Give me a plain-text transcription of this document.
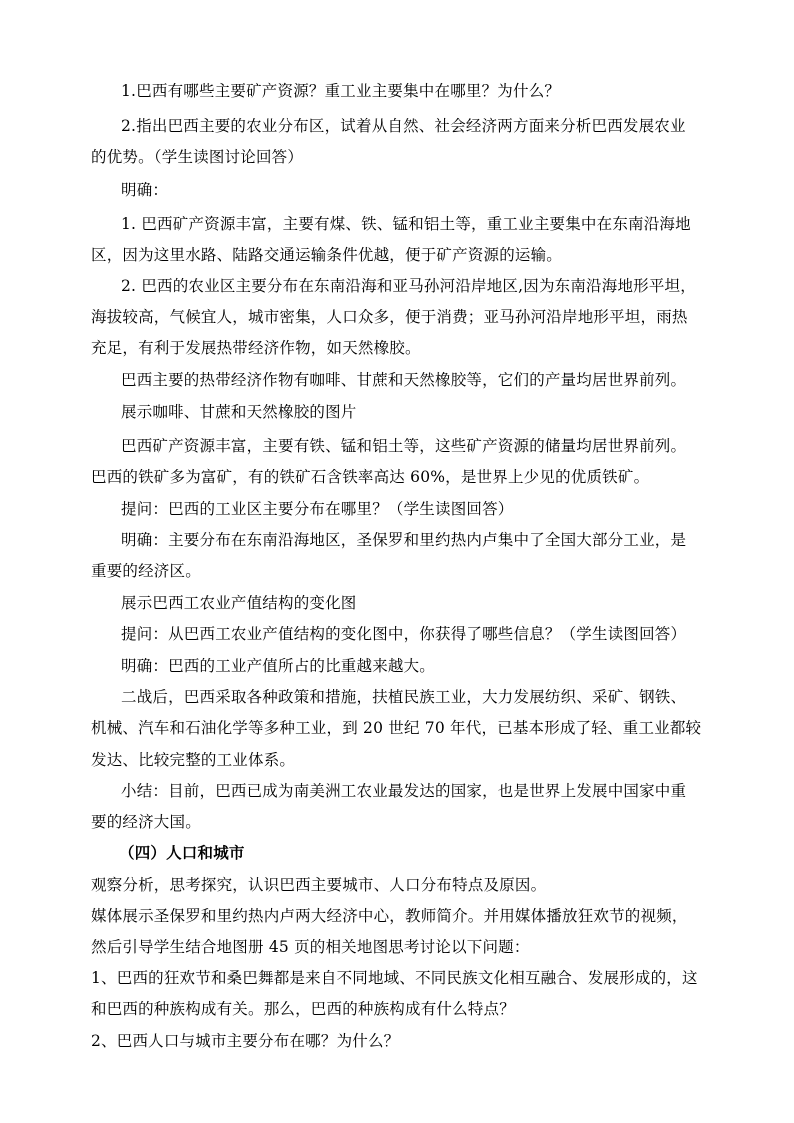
1.巴西有哪些主要矿产资源？重工业主要集中在哪里？为什么？
2.指出巴西主要的农业分布区，试着从自然、社会经济两方面来分析巴西发展农业
的优势。（学生读图讨论回答）
明确：
1. 巴西矿产资源丰富，主要有煤、铁、锰和铝土等，重工业主要集中在东南沿海地
区，因为这里水路、陆路交通运输条件优越，便于矿产资源的运输。
2. 巴西的农业区主要分布在东南沿海和亚马孙河沿岸地区,因为东南沿海地形平坦，
海拔较高，气候宜人，城市密集，人口众多，便于消费；亚马孙河沿岸地形平坦，雨热
充足，有利于发展热带经济作物，如天然橡胶。
巴西主要的热带经济作物有咖啡、甘蔗和天然橡胶等，它们的产量均居世界前列。
展示咖啡、甘蔗和天然橡胶的图片
巴西矿产资源丰富，主要有铁、锰和铝土等，这些矿产资源的储量均居世界前列。
巴西的铁矿多为富矿，有的铁矿石含铁率高达 60%，是世界上少见的优质铁矿。
提问：巴西的工业区主要分布在哪里？（学生读图回答）
明确：主要分布在东南沿海地区，圣保罗和里约热内卢集中了全国大部分工业，是
重要的经济区。
展示巴西工农业产值结构的变化图
提问：从巴西工农业产值结构的变化图中，你获得了哪些信息？（学生读图回答）
明确：巴西的工业产值所占的比重越来越大。
二战后，巴西采取各种政策和措施，扶植民族工业，大力发展纺织、采矿、钢铁、
机械、汽车和石油化学等多种工业，到 20 世纪 70 年代，已基本形成了轻、重工业都较
发达、比较完整的工业体系。
小结：目前，巴西已成为南美洲工农业最发达的国家，也是世界上发展中国家中重
要的经济大国。
（四）人口和城市
观察分析，思考探究，认识巴西主要城市、人口分布特点及原因。
媒体展示圣保罗和里约热内卢两大经济中心，教师简介。并用媒体播放狂欢节的视频，
然后引导学生结合地图册 45 页的相关地图思考讨论以下问题：
1、巴西的狂欢节和桑巴舞都是来自不同地域、不同民族文化相互融合、发展形成的，这
和巴西的种族构成有关。那么，巴西的种族构成有什么特点？
2、巴西人口与城市主要分布在哪？为什么？
